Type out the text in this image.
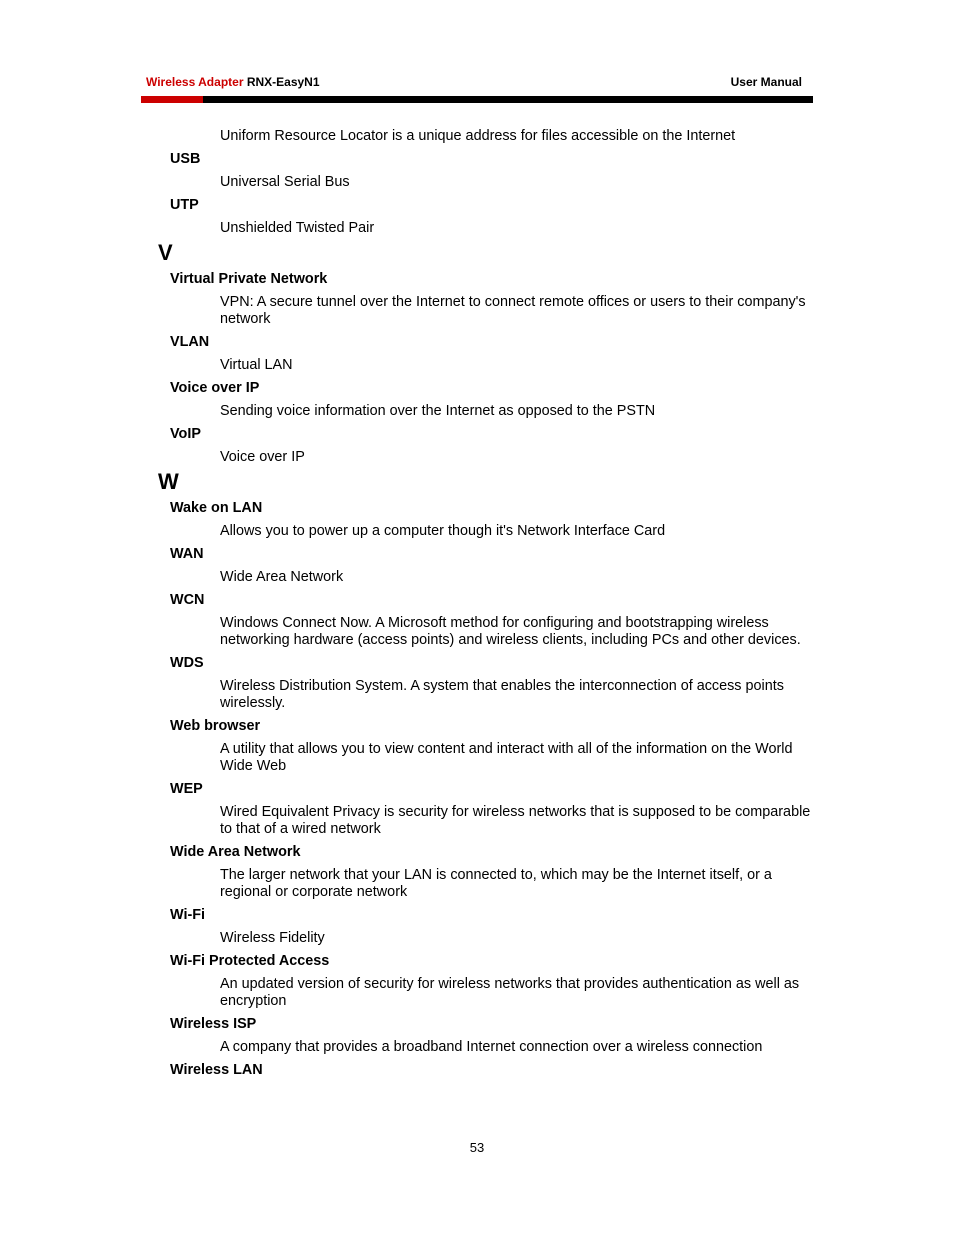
Wireless Adapter RNX-EasyN1	User Manual
Uniform Resource Locator is a unique address for files accessible on the Internet
USB
Universal Serial Bus
UTP
Unshielded Twisted Pair
V
Virtual Private Network
VPN: A secure tunnel over the Internet to connect remote offices or users to their company's network
VLAN
Virtual LAN
Voice over IP
Sending voice information over the Internet as opposed to the PSTN
VoIP
Voice over IP
W
Wake on LAN
Allows you to power up a computer though it's Network Interface Card
WAN
Wide Area Network
WCN
Windows Connect Now. A Microsoft method for configuring and bootstrapping wireless networking hardware (access points) and wireless clients, including PCs and other devices.
WDS
Wireless Distribution System. A system that enables the interconnection of access points wirelessly.
Web browser
A utility that allows you to view content and interact with all of the information on the World Wide Web
WEP
Wired Equivalent Privacy is security for wireless networks that is supposed to be comparable to that of a wired network
Wide Area Network
The larger network that your LAN is connected to, which may be the Internet itself, or a regional or corporate network
Wi-Fi
Wireless Fidelity
Wi-Fi Protected Access
An updated version of security for wireless networks that provides authentication as well as encryption
Wireless ISP
A company that provides a broadband Internet connection over a wireless connection
Wireless LAN
53
